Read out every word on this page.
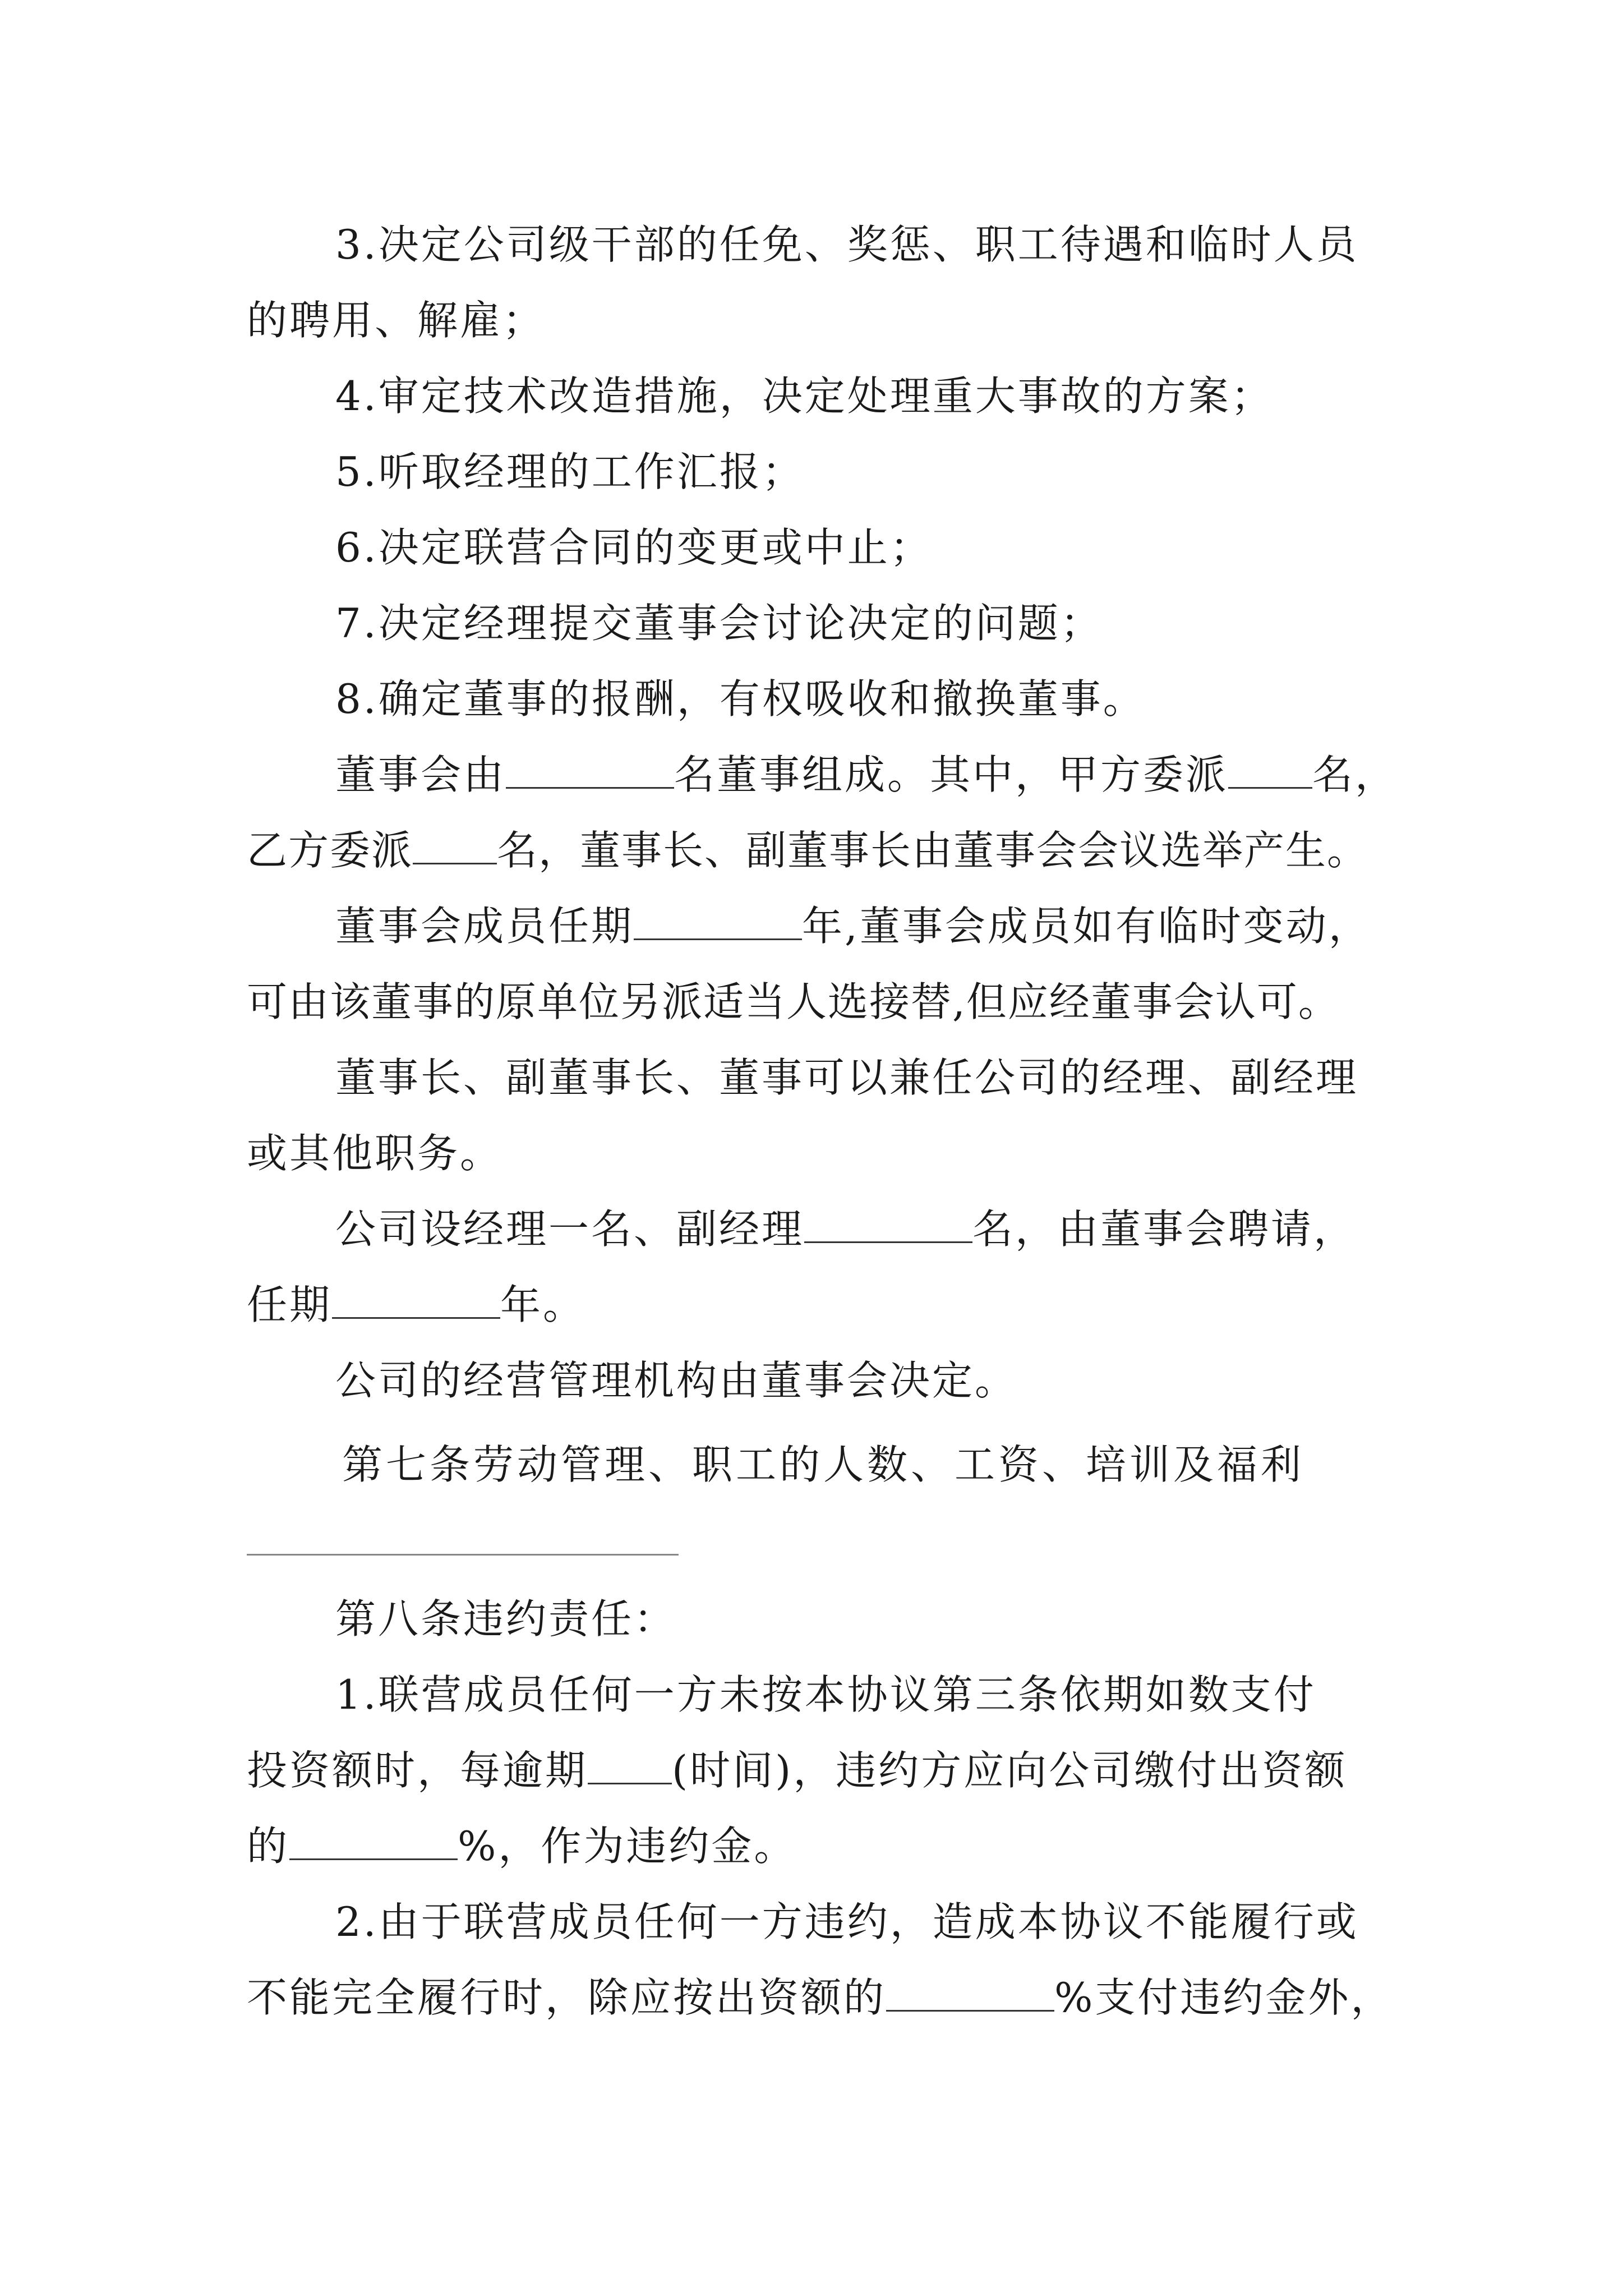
3.决定公司级干部的任免、奖惩、职工待遇和临时人员
的聘用、解雇；
4.审定技术改造措施，决定处理重大事故的方案；
5.听取经理的工作汇报；
6.决定联营合同的变更或中止；
7.决定经理提交董事会讨论决定的问题；
8.确定董事的报酬，有权吸收和撤换董事。
董事会由	名董事组成。其中，甲方委派 名，
乙方委派 名，董事长、副董事长由董事会会议选举产生。
董事会成员任期	年,董事会成员如有临时变动，
可由该董事的原单位另派适当人选接替,但应经董事会认可。
董事长、副董事长、董事可以兼任公司的经理、副经理
或其他职务。
公司设经理一名、副经理	名，由董事会聘请，
任期	年。
公司的经营管理机构由董事会决定。
第七条劳动管理、职工的人数、工资、培训及福利
第八条违约责任：
1.联营成员任何一方未按本协议第三条依期如数支付
投资额时，每逾期 (时间)，违约方应向公司缴付出资额
的	%，作为违约金。
2.由于联营成员任何一方违约，造成本协议不能履行或
不能完全履行时，除应按出资额的	%支付违约金外，
